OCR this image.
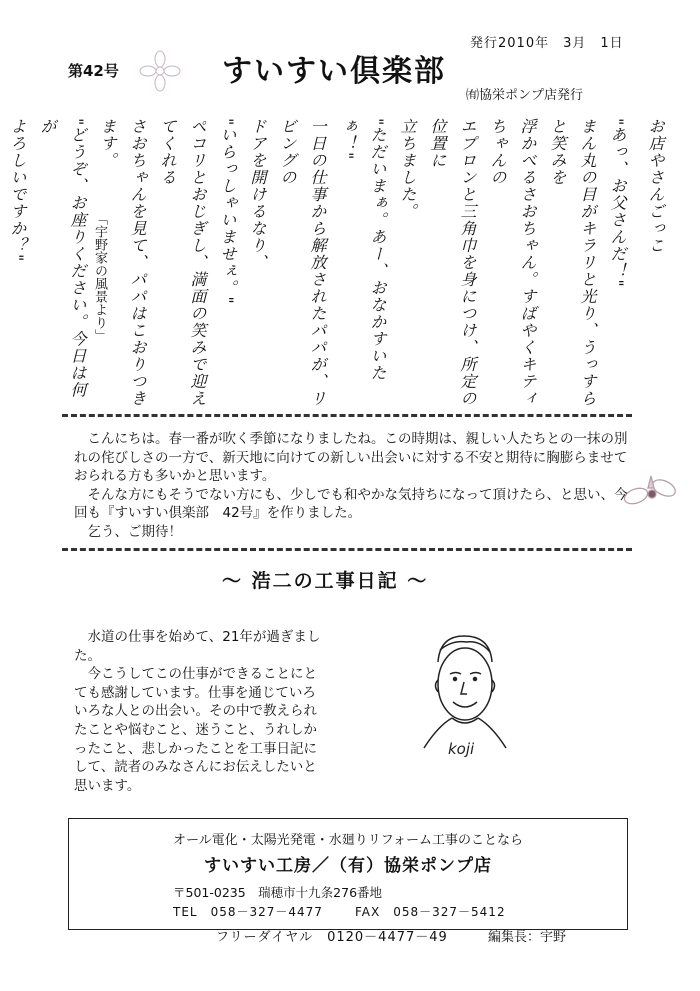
第42号
発行2010年　3月　1日
すいすい倶楽部
㈲協栄ポンプ店発行
「宇野家の風景より」

お店やさんごっこ

"あっ、お父さんだ！"

まん丸の目がキラリと光り、うっすらと笑みを

浮かべるさおちゃん。すばやくキティちゃんの

エプロンと三角巾を身につけ、所定の位置に

立ちました。

"ただいまぁ。あー、おなかすいたぁ！"

一日の仕事から解放されたパパが、リビングの

ドアを開けるなり、

"いらっしゃいませぇ。"

ペコリとおじぎし、満面の笑みで迎えてくれる

さおちゃんを見て、パパはこおりつきます。

"どうぞ、お座りください。今日は何が

よろしいですか？"

　こんにちは。春一番が吹く季節になりましたね。この時期は、親しい人たちとの一抹の別れの侘びしさの一方で、新天地に向けての新しい出会いに対する不安と期待に胸膨らませておられる方も多いかと思います。

　そんな方にもそうでない方にも、少しでも和やかな気持ちになって頂けたら、と思い、今回も『すいすい倶楽部　42号』を作りました。

　乞う、ご期待！

～ 浩二の工事日記 ～

　水道の仕事を始めて、21年が過ぎました。

　今こうしてこの仕事ができることにとても感謝しています。仕事を通じていろいろな人との出会い。その中で教えられたことや悩むこと、迷うこと、うれしかったこと、悲しかったことを工事日記にして、読者のみなさんにお伝えしたいと思います。

koji
オール電化・太陽光発電・水廻りリフォーム工事のことなら
すいすい工房／（有）協栄ポンプ店
〒501-0235　瑞穂市十九条276番地
TEL　058－327－4477	FAX　058－327－5412
フリーダイヤル　0120－4477－49	編集長：宇野
